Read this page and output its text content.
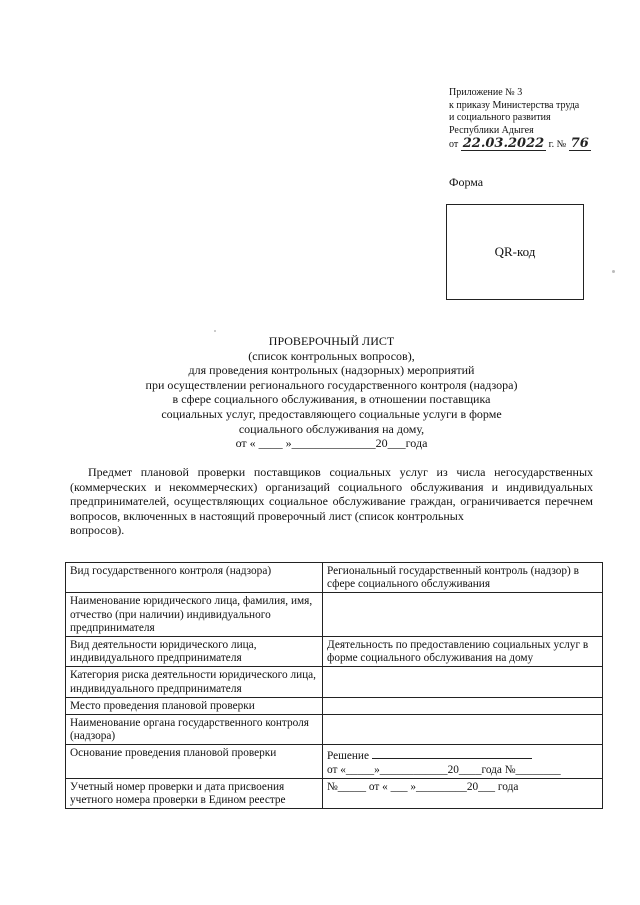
Приложение № 3
к приказу Министерства труда
и социального развития
Республики Адыгея
от 22.03.2022 г. № 76
Форма
QR-код
ПРОВЕРОЧНЫЙ ЛИСТ
(список контрольных вопросов),
для проведения контрольных (надзорных) мероприятий
при осуществлении регионального государственного контроля (надзора)
в сфере социального обслуживания, в отношении поставщика
социальных услуг, предоставляющего социальные услуги в форме
социального обслуживания на дому,
от « ____ »______________20___года

Предмет плановой проверки поставщиков социальных услуг из числа негосударственных (коммерческих и некоммерческих) организаций социального обслуживания и индивидуальных предпринимателей, осуществляющих социальное обслуживание граждан, ограничивается перечнем вопросов, включенных в настоящий проверочный лист (список контрольных

вопросов).

Вид государственного контроля (надзора)	Региональный государственный контроль (надзор) в сфере социального обслуживания
Наименование юридического лица, фамилия, имя, отчество (при наличии) индивидуального предпринимателя	
Вид деятельности юридического лица, индивидуального предпринимателя	Деятельность по предоставлению социальных услуг в форме социального обслуживания на дому
Категория риска деятельности юридического лица, индивидуального предпринимателя	
Место проведения плановой проверки	
Наименование органа государственного контроля (надзора)	
Основание проведения плановой проверки	Решение
от «_____»____________20____года №________

Учетный номер проверки и дата присвоения учетного номера проверки в Едином реестре	№_____ от « ___ »_________20___ года
